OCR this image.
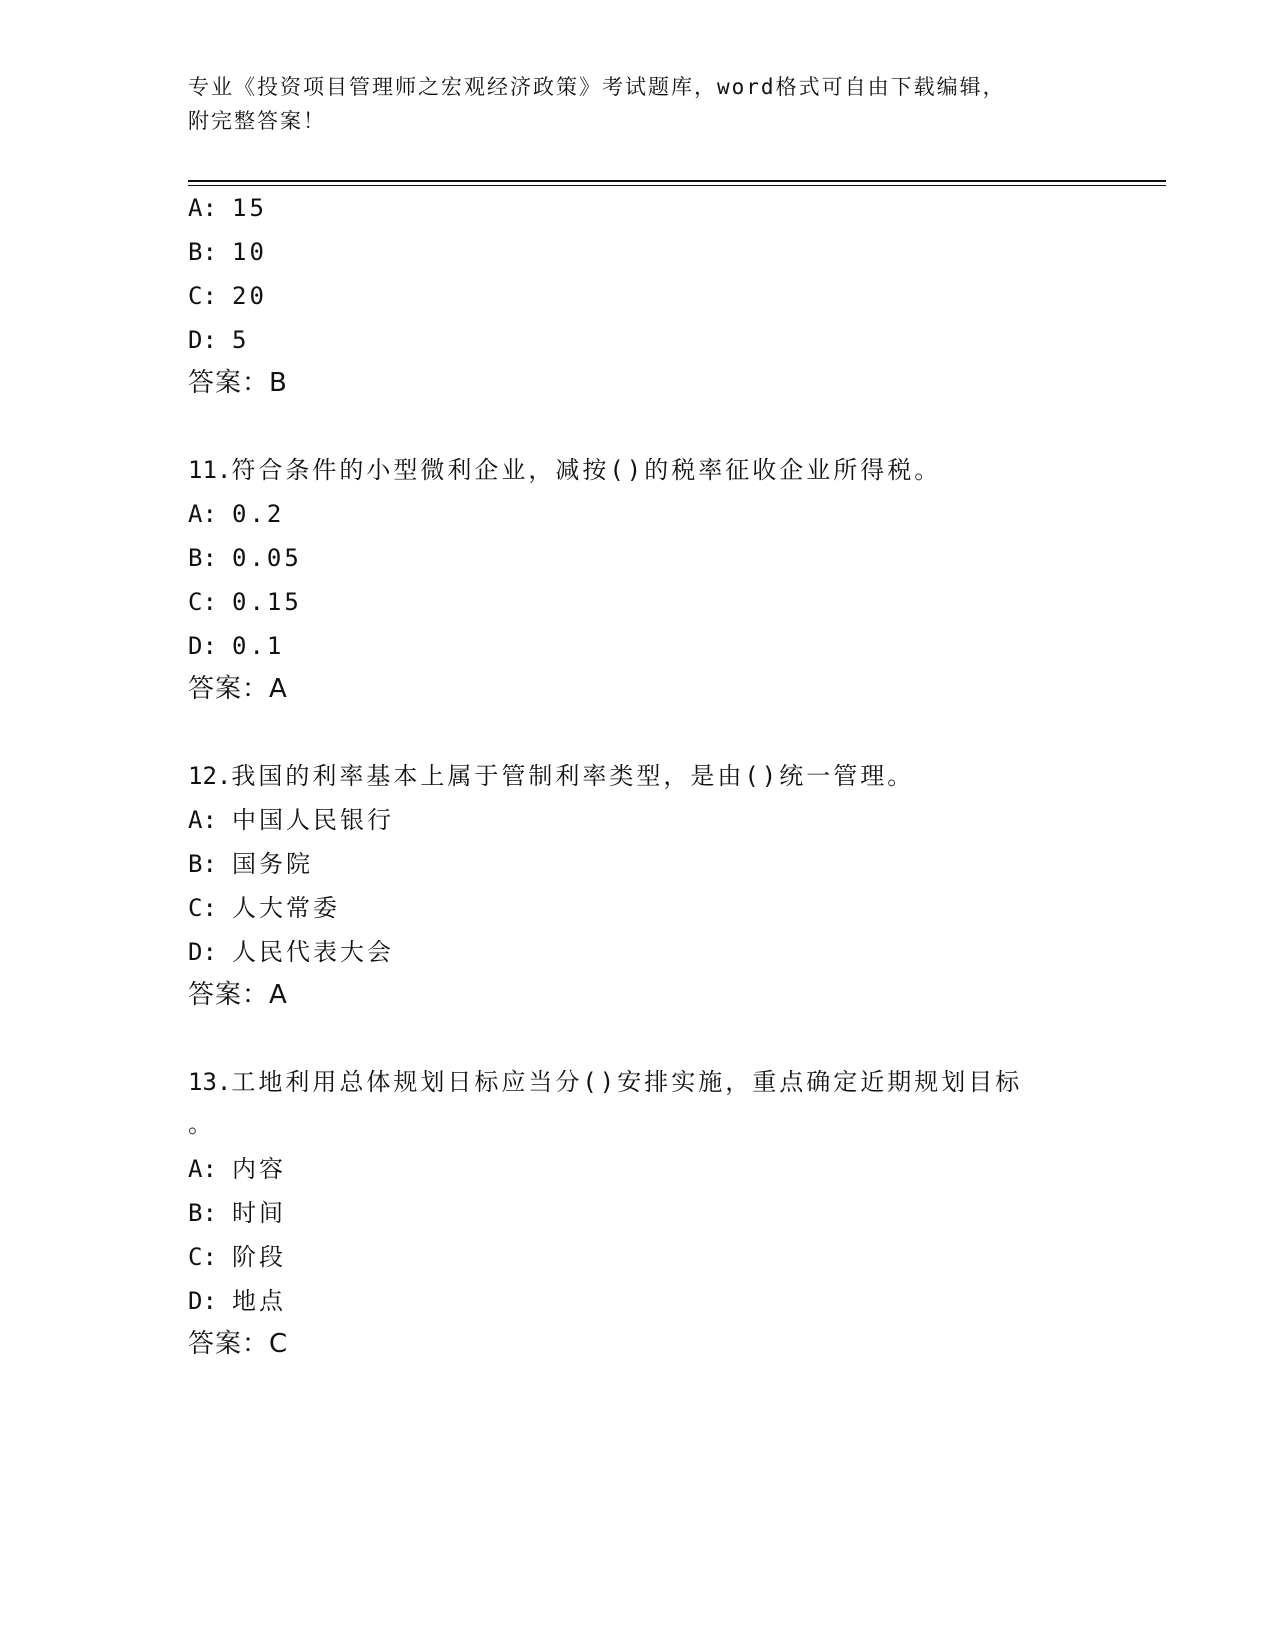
专业《投资项目管理师之宏观经济政策》考试题库，word格式可自由下载编辑，
附完整答案！
A: 15
B: 10
C: 20
D: 5
答案：B
11.符合条件的小型微利企业，减按()的税率征收企业所得税。
A: 0.2
B: 0.05
C: 0.15
D: 0.1
答案：A
12.我国的利率基本上属于管制利率类型，是由()统一管理。
A: 中国人民银行
B: 国务院
C: 人大常委
D: 人民代表大会
答案：A
13.工地利用总体规划日标应当分()安排实施，重点确定近期规划目标
。
A: 内容
B: 时间
C: 阶段
D: 地点
答案：C
